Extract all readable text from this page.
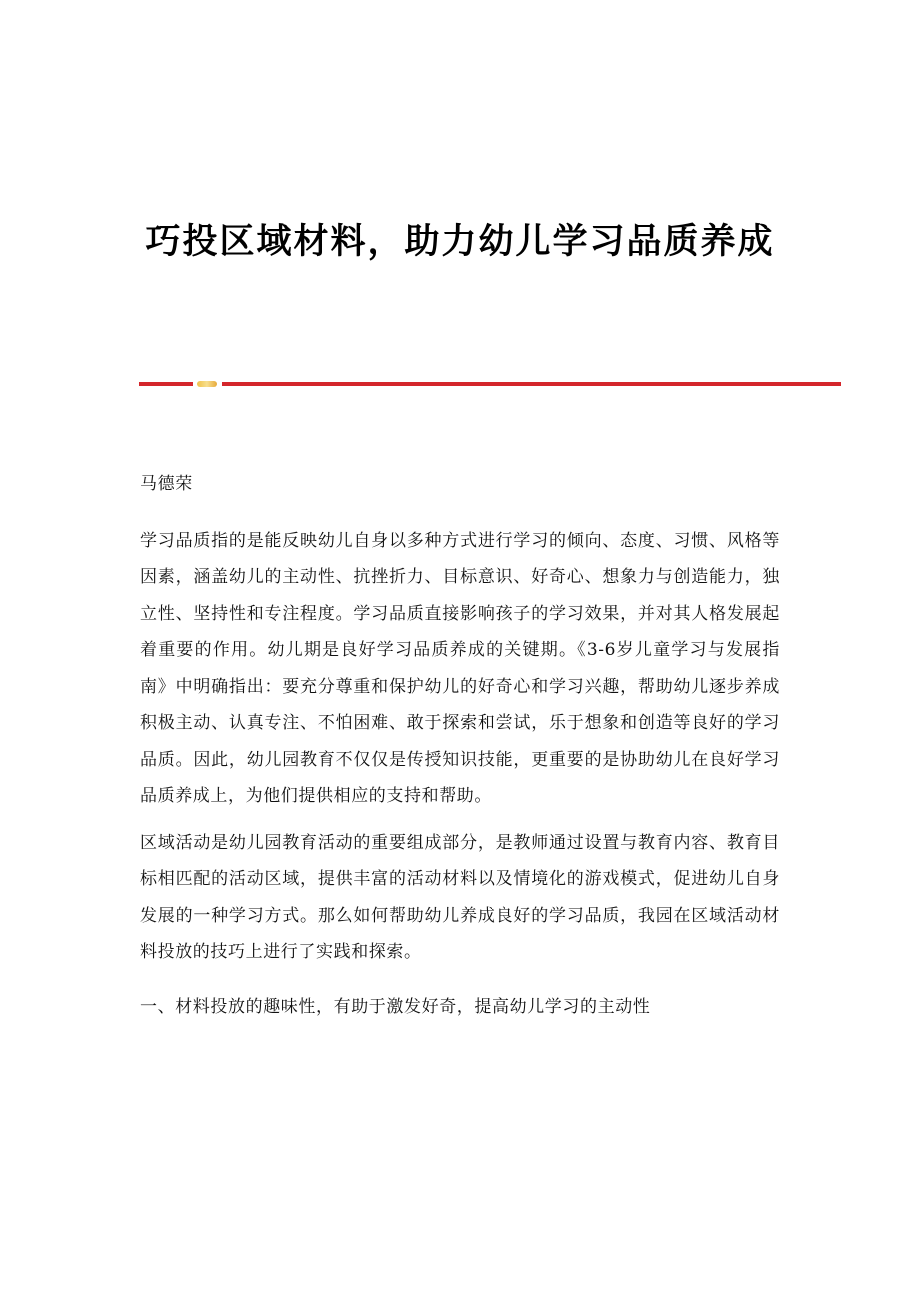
巧投区域材料，助力幼儿学习品质养成

马德荣

学习品质指的是能反映幼儿自身以多种方式进行学习的倾向、态度、习惯、风格等因素，涵盖幼儿的主动性、抗挫折力、目标意识、好奇心、想象力与创造能力，独立性、坚持性和专注程度。学习品质直接影响孩子的学习效果，并对其人格发展起着重要的作用。幼儿期是良好学习品质养成的关键期。《3-6岁儿童学习与发展指南》中明确指出：要充分尊重和保护幼儿的好奇心和学习兴趣，帮助幼儿逐步养成积极主动、认真专注、不怕困难、敢于探索和尝试，乐于想象和创造等良好的学习品质。因此，幼儿园教育不仅仅是传授知识技能，更重要的是协助幼儿在良好学习品质养成上，为他们提供相应的支持和帮助。

区域活动是幼儿园教育活动的重要组成部分，是教师通过设置与教育内容、教育目标相匹配的活动区域，提供丰富的活动材料以及情境化的游戏模式，促进幼儿自身发展的一种学习方式。那么如何帮助幼儿养成良好的学习品质，我园在区域活动材料投放的技巧上进行了实践和探索。

一、材料投放的趣味性，有助于激发好奇，提高幼儿学习的主动性
